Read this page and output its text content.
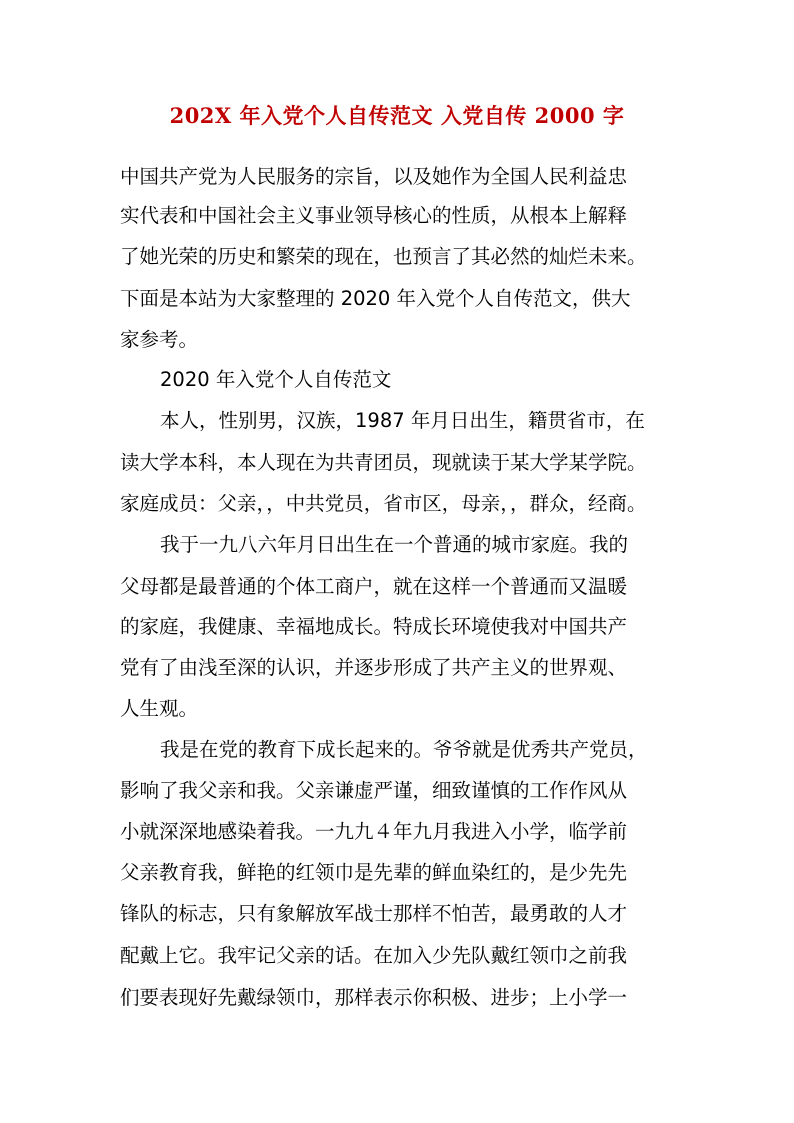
202X 年入党个人自传范文 入党自传 2000 字
中国共产党为人民服务的宗旨，以及她作为全国人民利益忠
实代表和中国社会主义事业领导核心的性质，从根本上解释
了她光荣的历史和繁荣的现在，也预言了其必然的灿烂未来。
下面是本站为大家整理的 2020 年入党个人自传范文，供大
家参考。
2020 年入党个人自传范文
本人，性别男，汉族，1987 年月日出生，籍贯省市，在
读大学本科，本人现在为共青团员，现就读于某大学某学院。
家庭成员：父亲，，中共党员，省市区，母亲，，群众，经商。
我于一九八六年月日出生在一个普通的城市家庭。我的
父母都是最普通的个体工商户，就在这样一个普通而又温暖
的家庭，我健康、幸福地成长。特成长环境使我对中国共产
党有了由浅至深的认识，并逐步形成了共产主义的世界观、
人生观。
我是在党的教育下成长起来的。爷爷就是优秀共产党员，
影响了我父亲和我。父亲谦虚严谨，细致谨慎的工作作风从
小就深深地感染着我。一九九４年九月我进入小学，临学前
父亲教育我，鲜艳的红领巾是先辈的鲜血染红的，是少先先
锋队的标志，只有象解放军战士那样不怕苦，最勇敢的人才
配戴上它。我牢记父亲的话。在加入少先队戴红领巾之前我
们要表现好先戴绿领巾，那样表示你积极、进步；上小学一
